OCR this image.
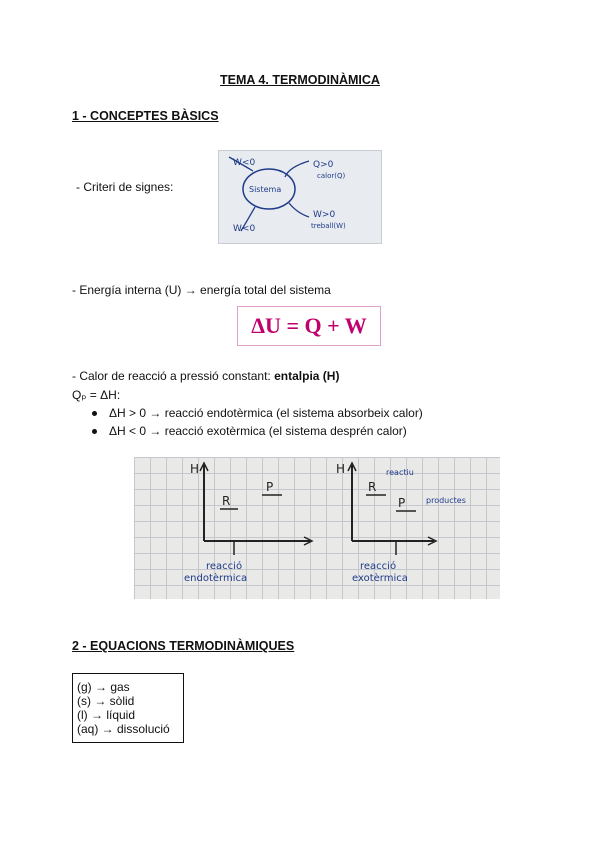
TEMA 4. TERMODINÀMICA
1 - CONCEPTES BÀSICS
- Criteri de signes:
W<0	Q>0
calor(Q)
Sistema
W>0
treball(W)
W<0
- Energía interna (U) → energía total del sistema
ΔU = Q + W
- Calor de reacció a pressió constant: entalpia (H)
Qₚ = ΔH:
ΔH > 0 → reacció endotèrmica (el sistema absorbeix calor)
ΔH < 0 → reacció exotèrmica (el sistema desprén calor)
H
R
P
reacció
endotèrmica
H
R
P
reactiu
productes
reacció
exotèrmica
2 - EQUACIONS TERMODINÀMIQUES
(g) → gas
(s) → sòlid
(l) → líquid
(aq) → dissolució
